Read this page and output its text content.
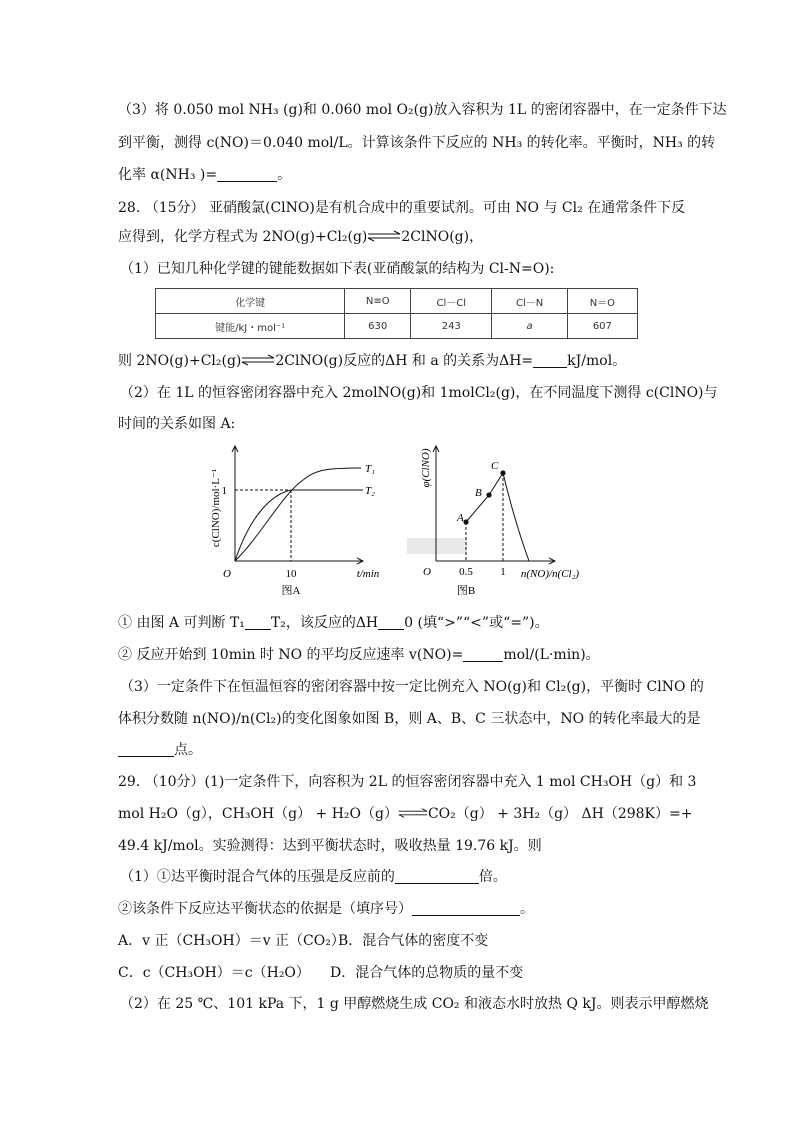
（3）将 0.050 mol NH₃ (g)和 0.060 mol O₂(g)放入容积为 1L 的密闭容器中，在一定条件下达
到平衡，测得 c(NO)＝0.040 mol/L。计算该条件下反应的 NH₃ 的转化率。平衡时，NH₃ 的转
化率 α(NH₃ )=	。
28. （15分） 亚硝酸氯(ClNO)是有机合成中的重要试剂。可由 NO 与 Cl₂ 在通常条件下反
应得到，化学方程式为 2NO(g)+Cl₂(g)⇌2ClNO(g)，
（1）已知几种化学键的键能数据如下表(亚硝酸氯的结构为 Cl-N=O):
化学键	N≡O	Cl－Cl	Cl－N	N＝O
键能/kJ・mol⁻¹	630	243	a	607
则 2NO(g)+Cl₂(g)⇌2ClNO(g)反应的ΔH 和 a 的关系为ΔH= kJ/mol。
（2）在 1L 的恒容密闭容器中充入 2molNO(g)和 1molCl₂(g)，在不同温度下测得 c(ClNO)与
时间的关系如图 A:
1
O	10	t/min
T₁
T₂
图A
c(ClNO)/mol·L⁻¹	A
B
C
O	0.5 1 n(NO)/n(Cl₂)
图B
φ(ClNO)
① 由图 A 可判断 T₁ T₂，该反应的ΔH 0 (填“>”“<”或“=”)。
② 反应开始到 10min 时 NO 的平均反应速率 v(NO)=	mol/(L·min)。
（3）一定条件下在恒温恒容的密闭容器中按一定比例充入 NO(g)和 Cl₂(g)，平衡时 ClNO 的
体积分数随 n(NO)/n(Cl₂)的变化图象如图 B，则 A、B、C 三状态中，NO 的转化率最大的是
点。
29. （10分）(1)一定条件下，向容积为 2L 的恒容密闭容器中充入 1 mol CH₃OH（g）和 3
mol H₂O（g），CH₃OH（g） + H₂O（g）⇌CO₂（g） + 3H₂（g） ΔH（298K）=+
49.4 kJ/mol。实验测得：达到平衡状态时，吸收热量 19.76 kJ。则
（1）①达平衡时混合气体的压强是反应前的	倍。
②该条件下反应达平衡状态的依据是（填序号）	。
A．v 正（CH₃OH）＝v 正（CO₂）
B．混合气体的密度不变
C．c（CH₃OH）＝c（H₂O） D．混合气体的总物质的量不变
（2）在 25 ℃、101 kPa 下，1 g 甲醇燃烧生成 CO₂ 和液态水时放热 Q kJ。则表示甲醇燃烧
